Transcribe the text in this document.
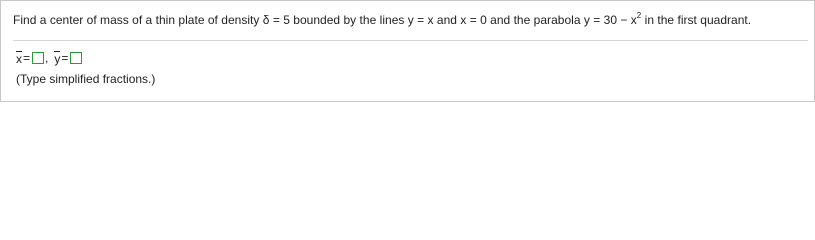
Find a center of mass of a thin plate of density δ = 5 bounded by the lines y = x and x = 0 and the parabola $y = 30 - x^2$ in the first quadrant.
x = , y =
(Type simplified fractions.)
